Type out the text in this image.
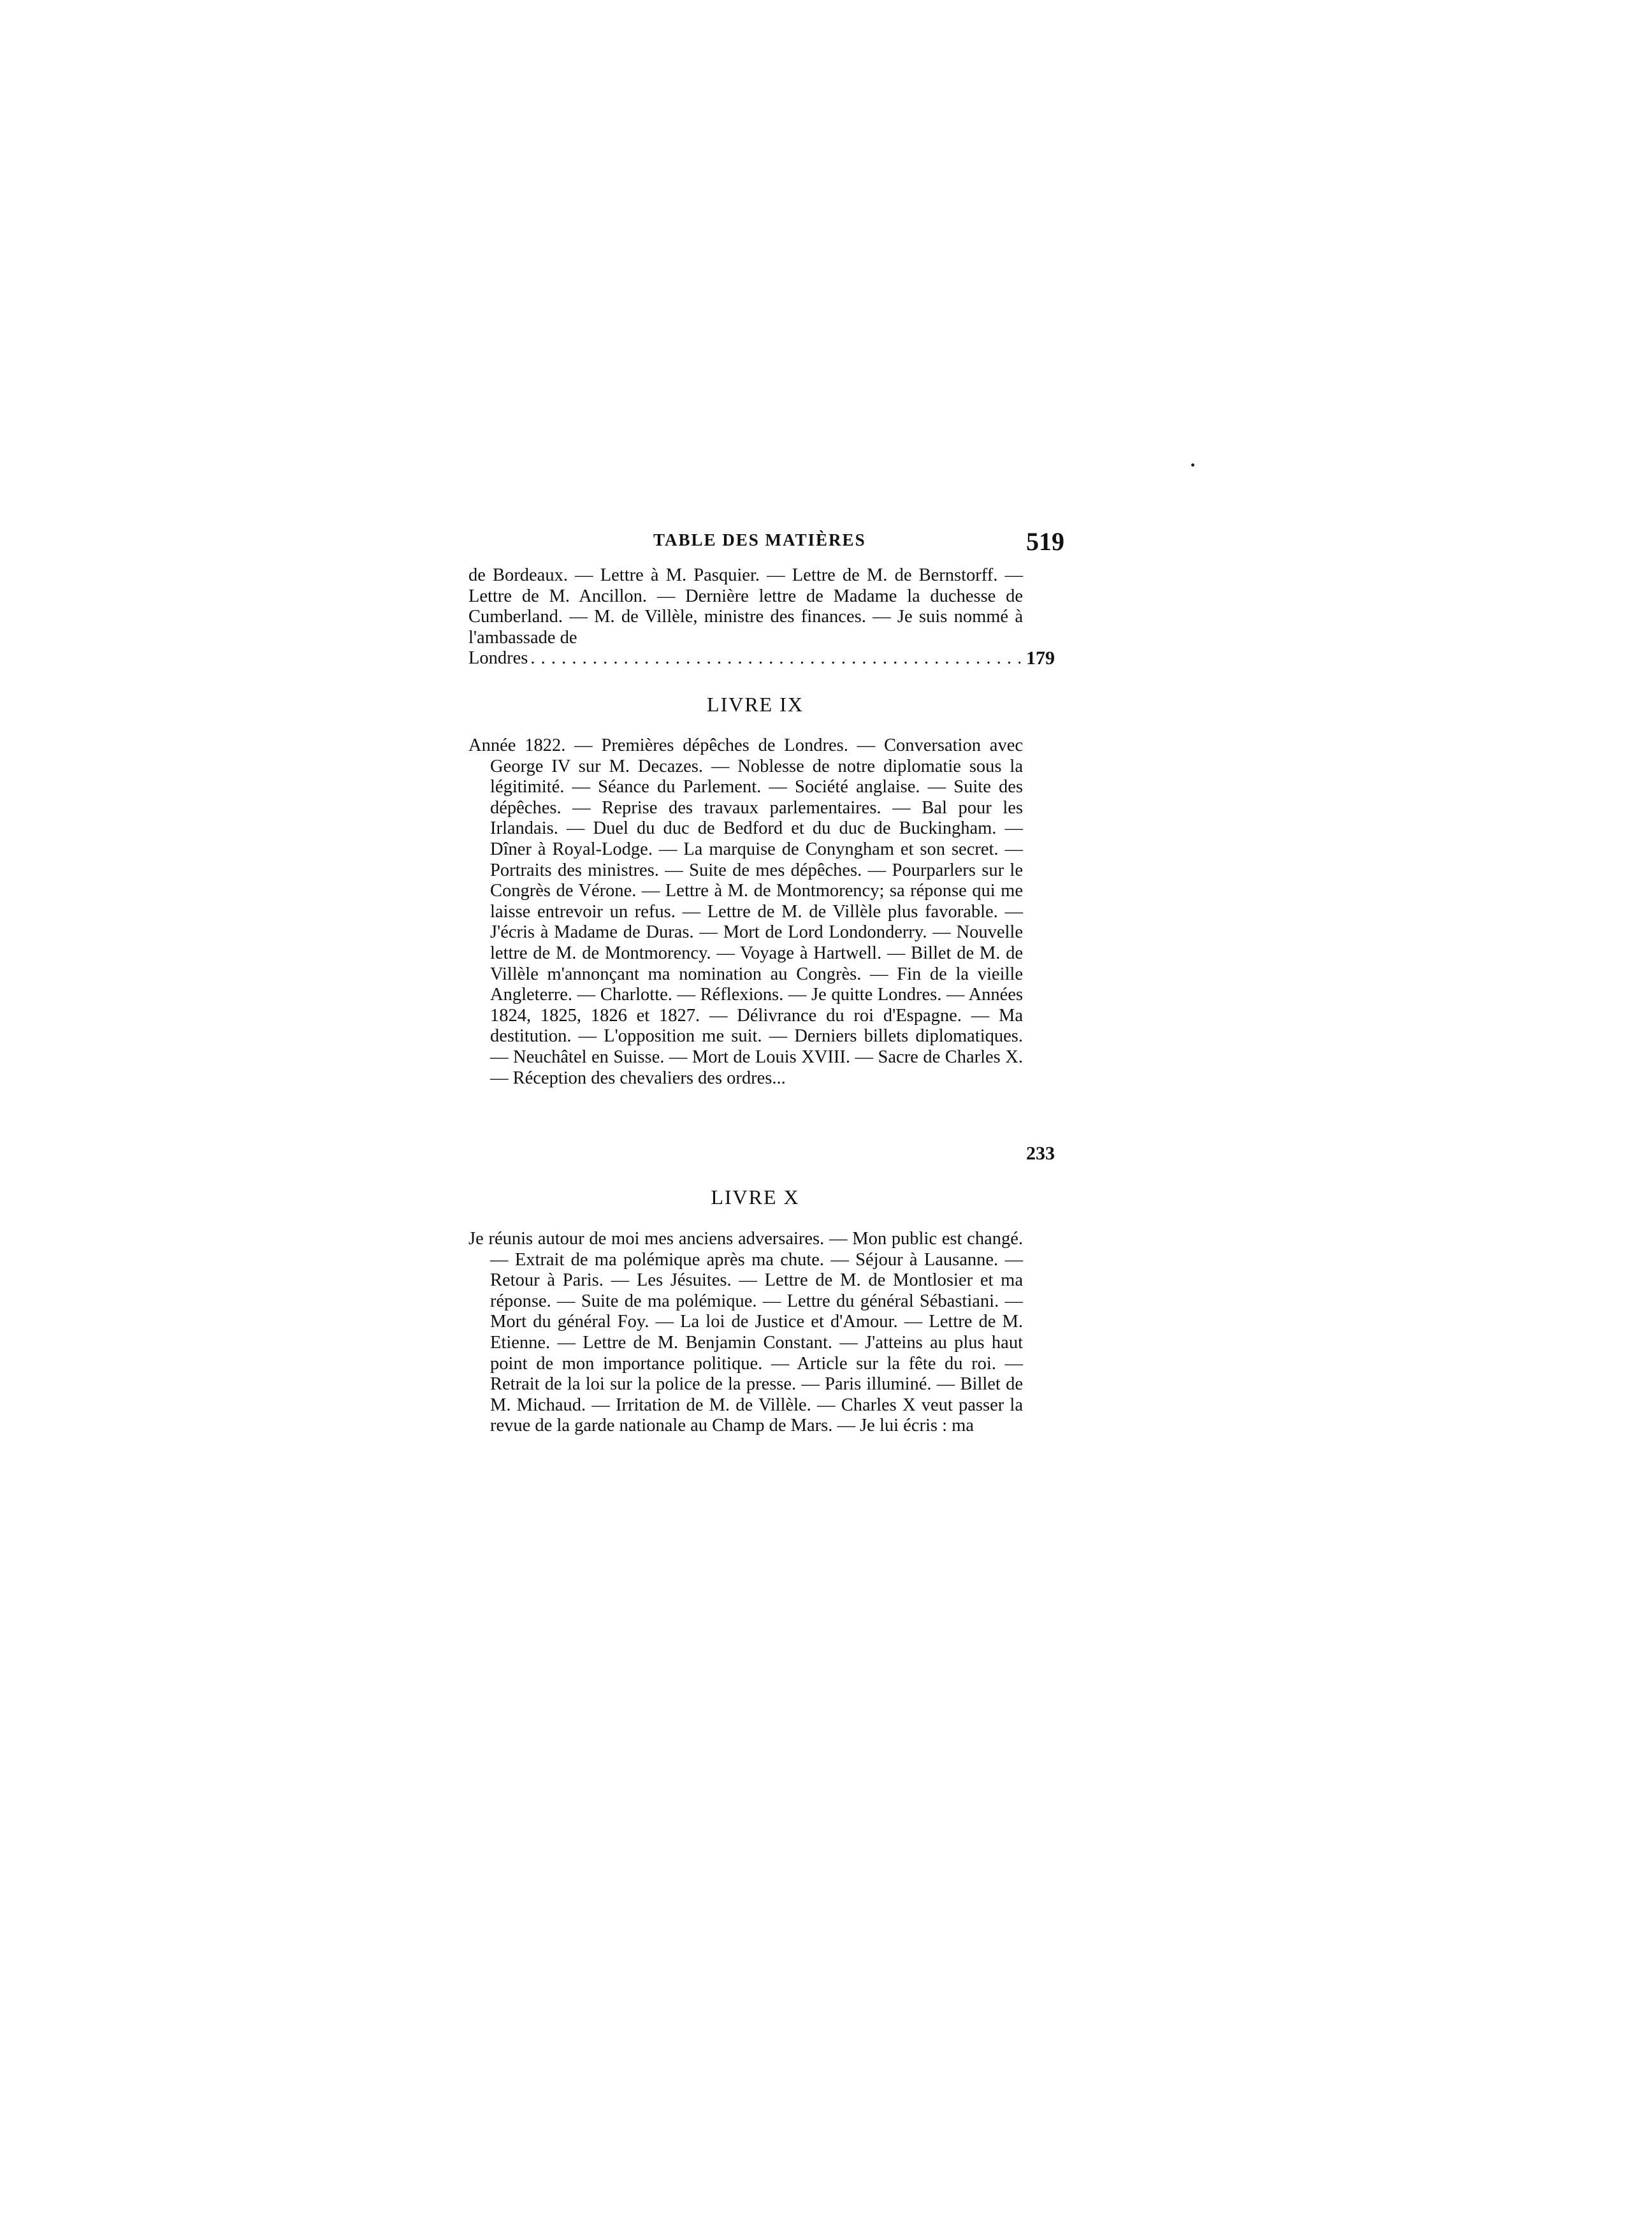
TABLE DES MATIÈRES	519
de Bordeaux. — Lettre à M. Pasquier. — Lettre de M. de Bernstorff. — Lettre de M. Ancillon. — Dernière lettre de Madame la duchesse de Cumberland. — M. de Villèle, ministre des finances. — Je suis nommé à l'ambassade de
Londres
. . .	179
LIVRE IX
Année 1822. — Premières dépêches de Londres. — Conversation avec George IV sur M. Decazes. — Noblesse de notre diplomatie sous la légitimité. — Séance du Parlement. — Société anglaise. — Suite des dépêches. — Reprise des travaux parlementaires. — Bal pour les Irlandais. — Duel du duc de Bedford et du duc de Buckingham. — Dîner à Royal-Lodge. — La marquise de Conyngham et son secret. — Portraits des ministres. — Suite de mes dépêches. — Pourparlers sur le Congrès de Vérone. — Lettre à M. de Montmorency; sa réponse qui me laisse entrevoir un refus. — Lettre de M. de Villèle plus favorable. — J'écris à Madame de Duras. — Mort de Lord Londonderry. — Nouvelle lettre de M. de Montmorency. — Voyage à Hartwell. — Billet de M. de Villèle m'annonçant ma nomination au Congrès. — Fin de la vieille Angleterre. — Charlotte. — Réflexions. — Je quitte Londres. — Années 1824, 1825, 1826 et 1827. — Délivrance du roi d'Espagne. — Ma destitution. — L'opposition me suit. — Derniers billets diplomatiques. — Neuchâtel en Suisse. — Mort de Louis XVIII. — Sacre de Charles X. — Réception des chevaliers des ordres...
233
LIVRE X
Je réunis autour de moi mes anciens adversaires. — Mon public est changé. — Extrait de ma polémique après ma chute. — Séjour à Lausanne. — Retour à Paris. — Les Jésuites. — Lettre de M. de Montlosier et ma réponse. — Suite de ma polémique. — Lettre du général Sébastiani. — Mort du général Foy. — La loi de Justice et d'Amour. — Lettre de M. Etienne. — Lettre de M. Benjamin Constant. — J'atteins au plus haut point de mon importance politique. — Article sur la fête du roi. — Retrait de la loi sur la police de la presse. — Paris illuminé. — Billet de M. Michaud. — Irritation de M. de Villèle. — Charles X veut passer la revue de la garde nationale au Champ de Mars. — Je lui écris : ma
